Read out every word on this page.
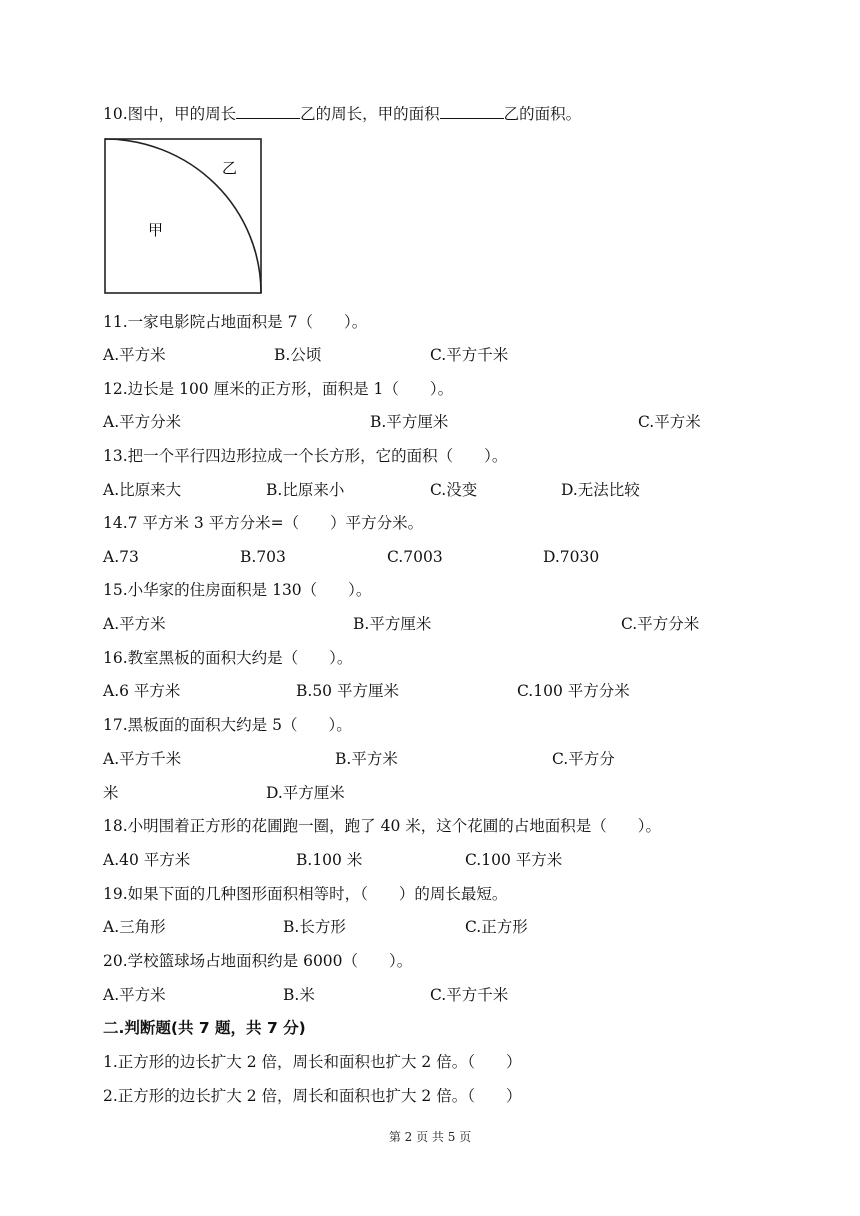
10.图中，甲的周长	乙的周长，甲的面积	乙的面积。
甲
乙
11.一家电影院占地面积是 7（　　）。
A.平方米	B.公顷	C.平方千米
12.边长是 100 厘米的正方形，面积是 1（　　）。
A.平方分米	B.平方厘米	C.平方米
13.把一个平行四边形拉成一个长方形，它的面积（　　）。
A.比原来大	B.比原来小	C.没变	D.无法比较
14.7 平方米 3 平方分米=（　　）平方分米。
A.73	B.703	C.7003	D.7030
15.小华家的住房面积是 130（　　）。
A.平方米	B.平方厘米	C.平方分米
16.教室黑板的面积大约是（　　）。
A.6 平方米	B.50 平方厘米	C.100 平方分米
17.黑板面的面积大约是 5（　　）。
A.平方千米	B.平方米	C.平方分
米	D.平方厘米
18.小明围着正方形的花圃跑一圈，跑了 40 米，这个花圃的占地面积是（　　）。
A.40 平方米	B.100 米	C.100 平方米
19.如果下面的几种图形面积相等时，（　　）的周长最短。
A.三角形	B.长方形	C.正方形
20.学校篮球场占地面积约是 6000（　　）。
A.平方米	B.米	C.平方千米
二.判断题(共 7 题，共 7 分)
1.正方形的边长扩大 2 倍，周长和面积也扩大 2 倍。（　　）
2.正方形的边长扩大 2 倍，周长和面积也扩大 2 倍。（　　）
第 2 页 共 5 页
